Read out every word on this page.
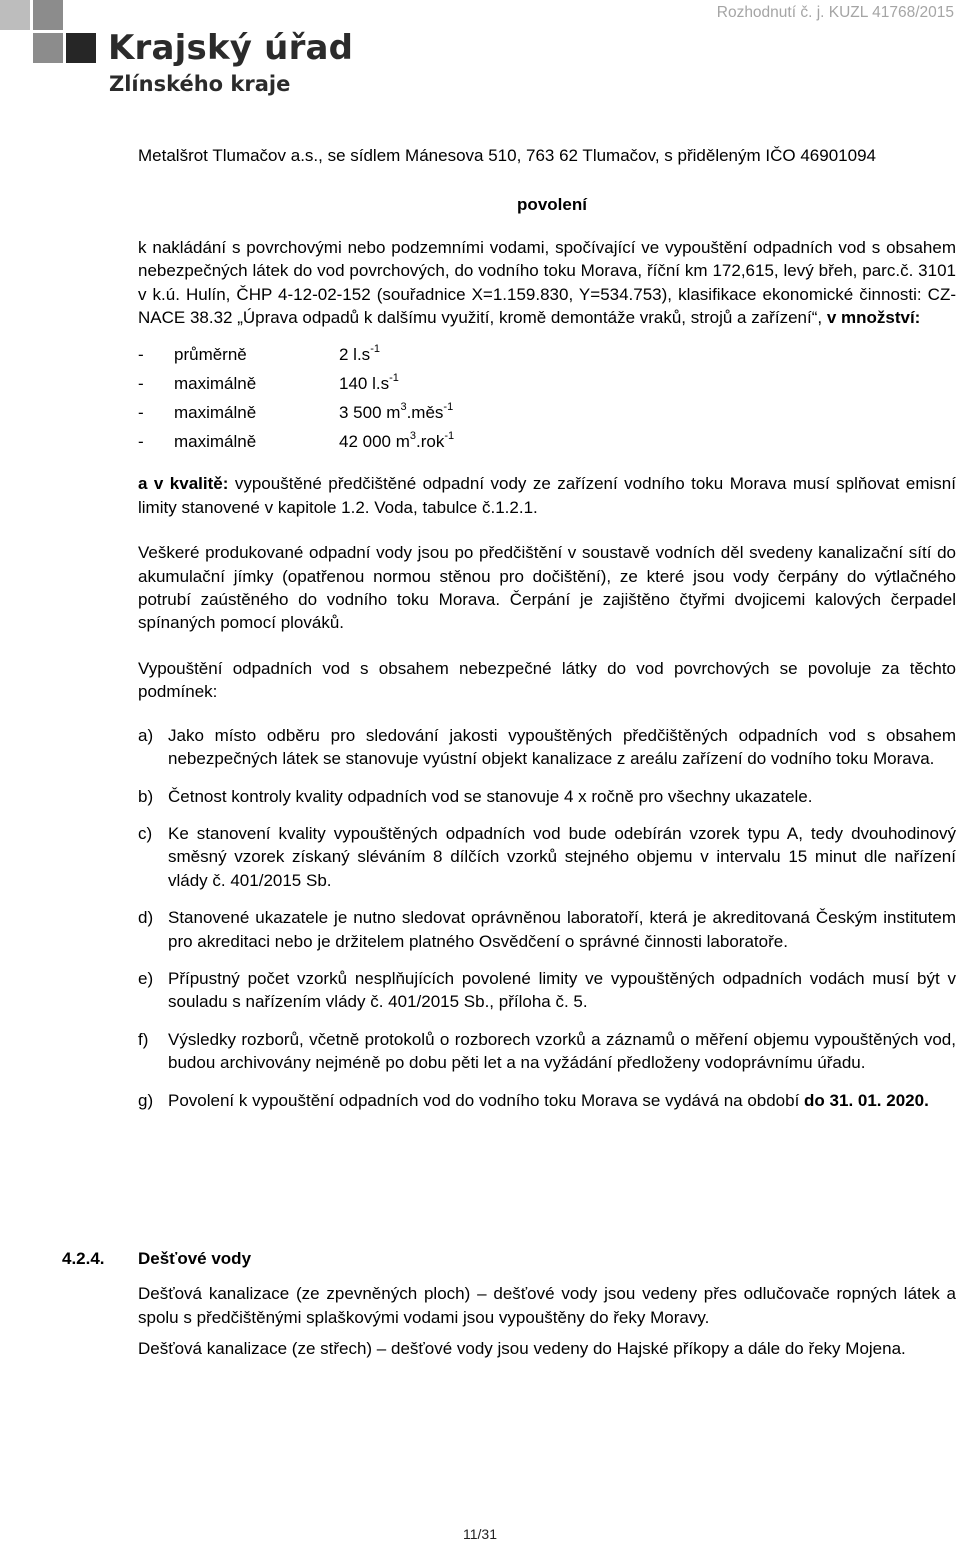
Rozhodnutí č. j. KUZL 41768/2015
Krajský úřad
Zlínského kraje

Metalšrot Tlumačov a.s., se sídlem Mánesova 510, 763 62 Tlumačov, s přiděleným IČO 46901094

povolení

k nakládání s povrchovými nebo podzemními vodami, spočívající ve vypouštění odpadních vod s obsahem nebezpečných látek do vod povrchových, do vodního toku Morava, říční km 172,615, levý břeh, parc.č. 3101 v k.ú. Hulín, ČHP 4-12-02-152 (souřadnice X=1.159.830, Y=534.753), klasifikace ekonomické činnosti: CZ-NACE 38.32 „Úprava odpadů k dalšímu využití, kromě demontáže vraků, strojů a zařízení“, v množství:

-	průměrně	2 $l.s^{-1}$
-	maximálně	140 $l.s^{-1}$
-	maximálně	3 500 $m^3.měs^{-1}$
-	maximálně	42 000 $m^3.rok^{-1}$

a v kvalitě: vypouštěné předčištěné odpadní vody ze zařízení vodního toku Morava musí splňovat emisní limity stanovené v kapitole 1.2. Voda, tabulce č.1.2.1.

Veškeré produkované odpadní vody jsou po předčištění v soustavě vodních děl svedeny kanalizační sítí do akumulační jímky (opatřenou normou stěnou pro dočištění), ze které jsou vody čerpány do výtlačného potrubí zaústěného do vodního toku Morava. Čerpání je zajištěno čtyřmi dvojicemi kalových čerpadel spínaných pomocí plováků.

Vypouštění odpadních vod s obsahem nebezpečné látky do vod povrchových se povoluje za těchto podmínek:

a) Jako místo odběru pro sledování jakosti vypouštěných předčištěných odpadních vod s obsahem nebezpečných látek se stanovuje vyústní objekt kanalizace z areálu zařízení do vodního toku Morava.
b) Četnost kontroly kvality odpadních vod se stanovuje 4 x ročně pro všechny ukazatele.
c) Ke stanovení kvality vypouštěných odpadních vod bude odebírán vzorek typu A, tedy dvouhodinový směsný vzorek získaný sléváním 8 dílčích vzorků stejného objemu v intervalu 15 minut dle nařízení vlády č. 401/2015 Sb.
d) Stanovené ukazatele je nutno sledovat oprávněnou laboratoří, která je akreditovaná Českým institutem pro akreditaci nebo je držitelem platného Osvědčení o správné činnosti laboratoře.
e) Přípustný počet vzorků nesplňujících povolené limity ve vypouštěných odpadních vodách musí být v souladu s nařízením vlády č. 401/2015 Sb., příloha č. 5.
f)	Výsledky rozborů, včetně protokolů o rozborech vzorků a záznamů o měření objemu vypouštěných vod, budou archivovány nejméně po dobu pěti let a na vyžádání předloženy vodoprávnímu úřadu.
g) Povolení k vypouštění odpadních vod do vodního toku Morava se vydává na období do 31. 01. 2020.
4.2.4.	Dešťové vody

Dešťová kanalizace (ze zpevněných ploch) – dešťové vody jsou vedeny přes odlučovače ropných látek a spolu s předčištěnými splaškovými vodami jsou vypouštěny do řeky Moravy.

Dešťová kanalizace (ze střech) – dešťové vody jsou vedeny do Hajské příkopy a dále do řeky Mojena.

11/31
